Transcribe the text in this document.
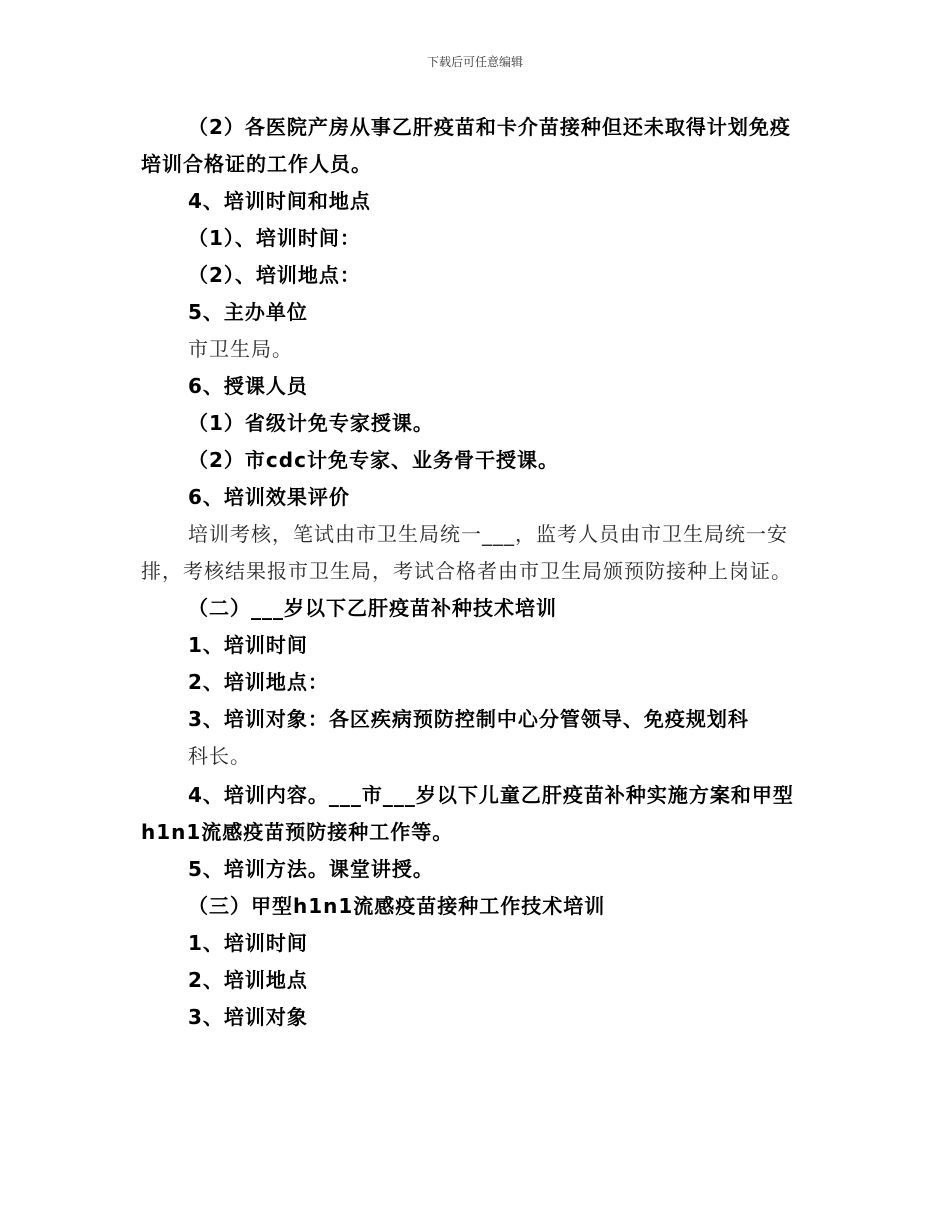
下载后可任意编辑
（2）各医院产房从事乙肝疫苗和卡介苗接种但还未取得计划免疫
培训合格证的工作人员。
4、培训时间和地点
（1）、培训时间：
（2）、培训地点：
5、主办单位
市卫生局。
6、授课人员
（1）省级计免专家授课。
（2）市cdc计免专家、业务骨干授课。
6、培训效果评价
培训考核，笔试由市卫生局统一___，监考人员由市卫生局统一安
排，考核结果报市卫生局，考试合格者由市卫生局颁预防接种上岗证。
（二）___岁以下乙肝疫苗补种技术培训
1、培训时间
2、培训地点：
3、培训对象：各区疾病预防控制中心分管领导、免疫规划科
科长。
4、培训内容。___市___岁以下儿童乙肝疫苗补种实施方案和甲型
h1n1流感疫苗预防接种工作等。
5、培训方法。课堂讲授。
（三）甲型h1n1流感疫苗接种工作技术培训
1、培训时间
2、培训地点
3、培训对象
